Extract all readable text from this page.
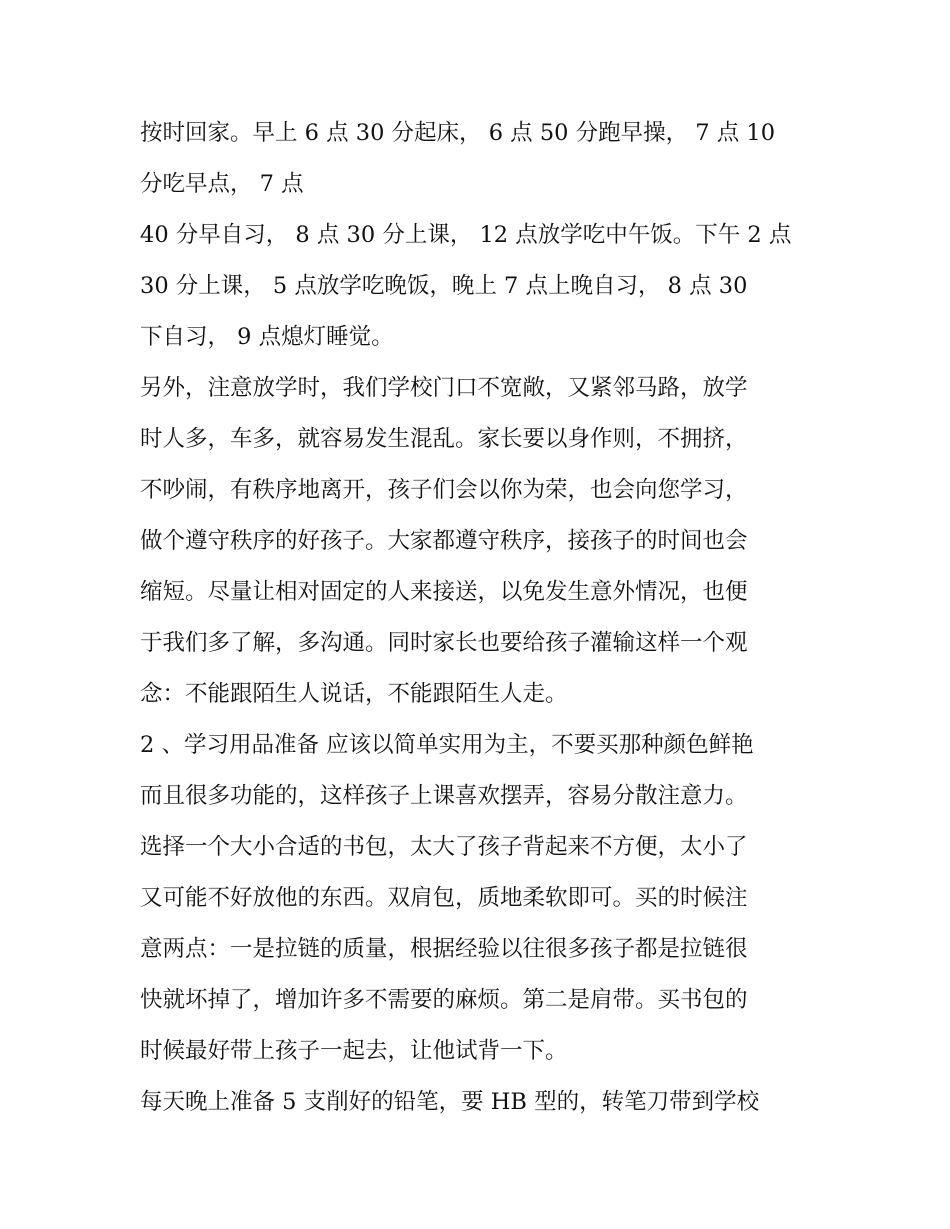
按时回家。早上 6 点 30 分起床， 6 点 50 分跑早操， 7 点 10

分吃早点， 7 点

40 分早自习， 8 点 30 分上课， 12 点放学吃中午饭。下午 2 点

30 分上课， 5 点放学吃晚饭，晚上 7 点上晚自习， 8 点 30

下自习， 9 点熄灯睡觉。

另外，注意放学时，我们学校门口不宽敞，又紧邻马路，放学

时人多，车多，就容易发生混乱。家长要以身作则，不拥挤，

不吵闹，有秩序地离开，孩子们会以你为荣，也会向您学习，

做个遵守秩序的好孩子。大家都遵守秩序，接孩子的时间也会

缩短。尽量让相对固定的人来接送，以免发生意外情况，也便

于我们多了解，多沟通。同时家长也要给孩子灌输这样一个观

念：不能跟陌生人说话，不能跟陌生人走。

2 、学习用品准备 应该以简单实用为主，不要买那种颜色鲜艳

而且很多功能的，这样孩子上课喜欢摆弄，容易分散注意力。

选择一个大小合适的书包，太大了孩子背起来不方便，太小了

又可能不好放他的东西。双肩包，质地柔软即可。买的时候注

意两点：一是拉链的质量，根据经验以往很多孩子都是拉链很

快就坏掉了，增加许多不需要的麻烦。第二是肩带。买书包的

时候最好带上孩子一起去，让他试背一下。

每天晚上准备 5 支削好的铅笔，要 HB 型的，转笔刀带到学校
